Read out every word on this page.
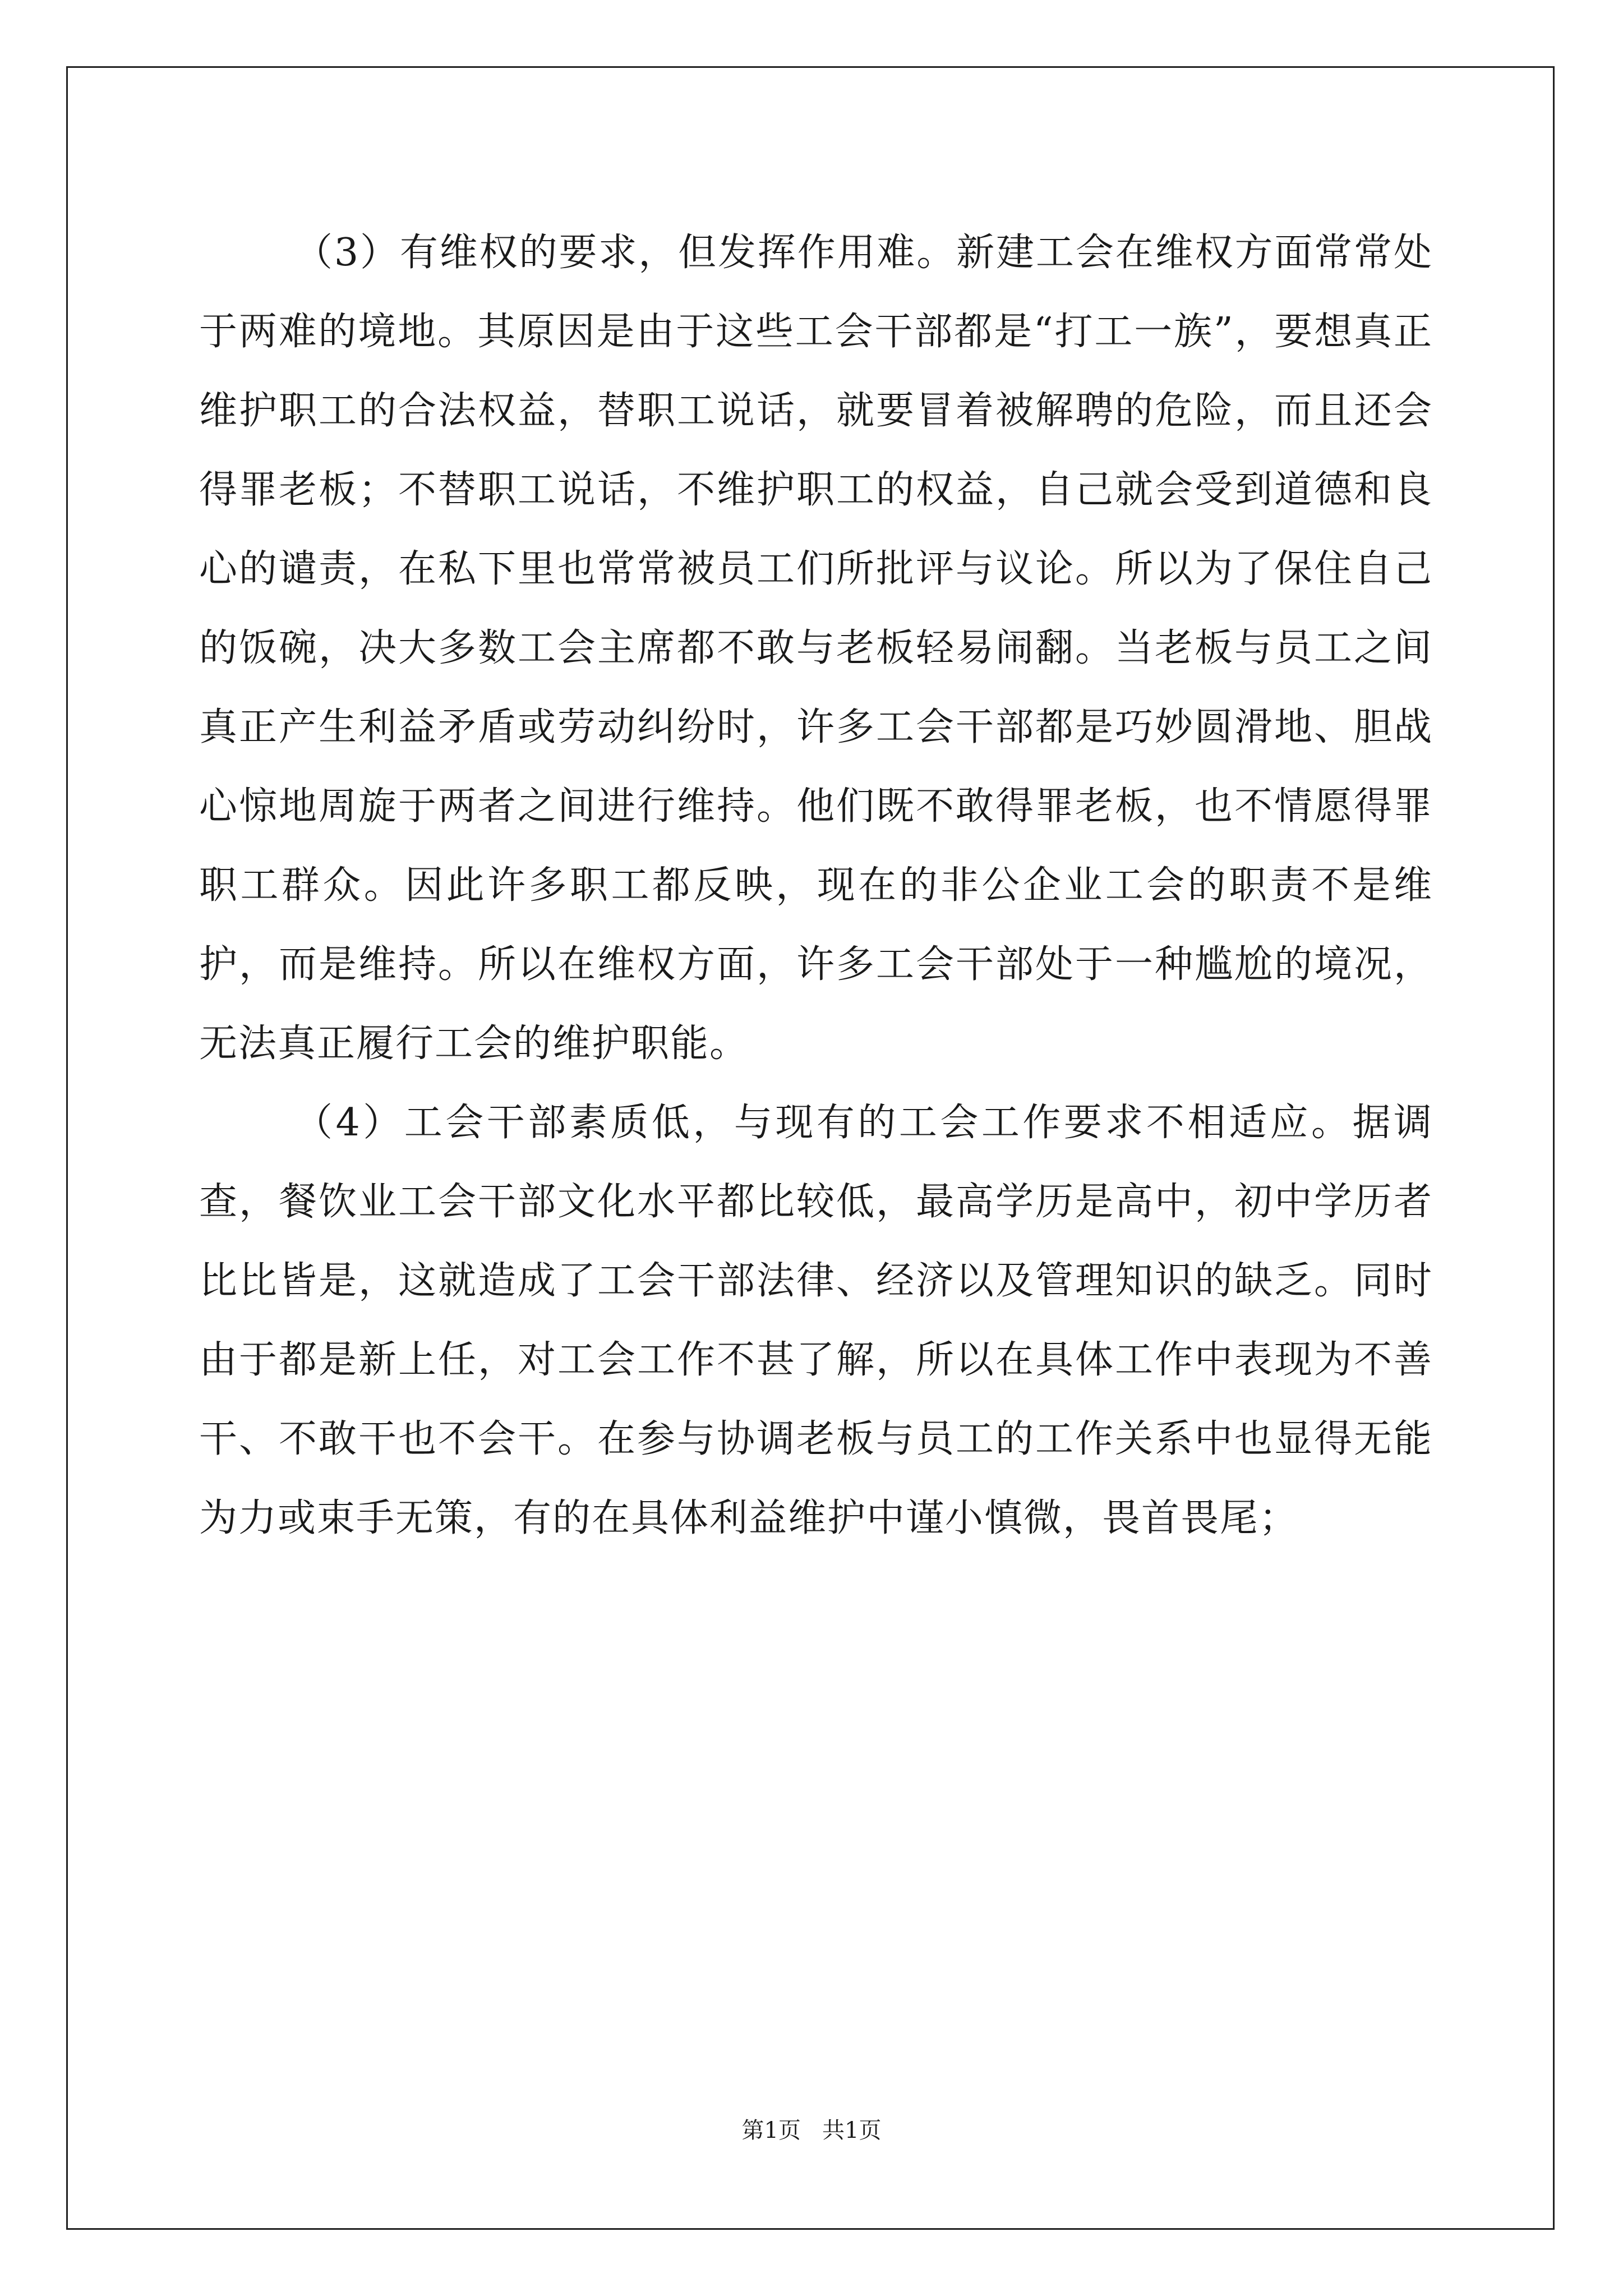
（3）有维权的要求，但发挥作用难。新建工会在维权方面常常处于两难的境地。其原因是由于这些工会干部都是“打工一族”，要想真正维护职工的合法权益，替职工说话，就要冒着被解聘的危险，而且还会得罪老板；不替职工说话，不维护职工的权益，自己就会受到道德和良心的谴责，在私下里也常常被员工们所批评与议论。所以为了保住自己的饭碗，决大多数工会主席都不敢与老板轻易闹翻。当老板与员工之间真正产生利益矛盾或劳动纠纷时，许多工会干部都是巧妙圆滑地、胆战心惊地周旋于两者之间进行维持。他们既不敢得罪老板，也不情愿得罪职工群众。因此许多职工都反映，现在的非公企业工会的职责不是维护，而是维持。所以在维权方面，许多工会干部处于一种尴尬的境况，无法真正履行工会的维护职能。

（4）工会干部素质低，与现有的工会工作要求不相适应。据调查，餐饮业工会干部文化水平都比较低，最高学历是高中，初中学历者比比皆是，这就造成了工会干部法律、经济以及管理知识的缺乏。同时由于都是新上任，对工会工作不甚了解，所以在具体工作中表现为不善干、不敢干也不会干。在参与协调老板与员工的工作关系中也显得无能为力或束手无策，有的在具体利益维护中谨小慎微，畏首畏尾；

第1页 共1页
